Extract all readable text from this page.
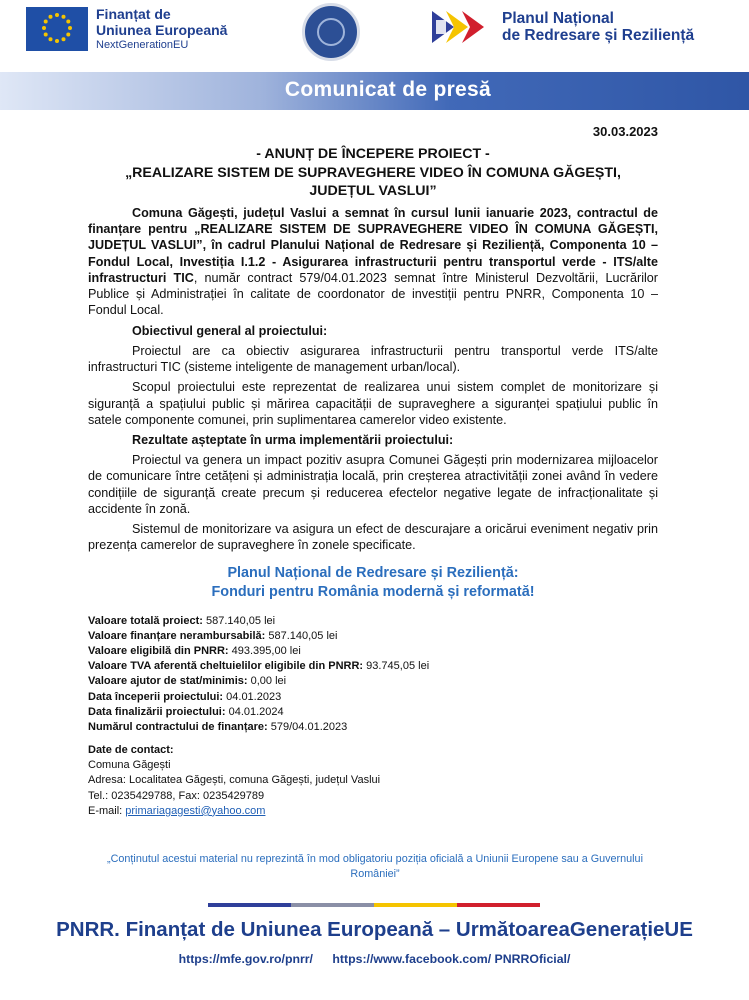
Finanțat de
Uniunea Europeană
NextGenerationEU
Planul Național
de Redresare și Reziliență
Comunicat de presă
30.03.2023
- ANUNȚ DE ÎNCEPERE PROIECT -
„REALIZARE SISTEM DE SUPRAVEGHERE VIDEO ÎN COMUNA GĂGEȘTI,
JUDEȚUL VASLUI”

Comuna Găgești, județul Vaslui a semnat în cursul lunii ianuarie 2023, contractul de finanțare pentru „REALIZARE SISTEM DE SUPRAVEGHERE VIDEO ÎN COMUNA GĂGEȘTI, JUDEȚUL VASLUI”, în cadrul Planului Național de Redresare și Reziliență, Componenta 10 – Fondul Local, Investiția I.1.2 - Asigurarea infrastructurii pentru transportul verde - ITS/alte infrastructuri TIC, număr contract 579/04.01.2023 semnat între Ministerul Dezvoltării, Lucrărilor Publice și Administrației în calitate de coordonator de investiții pentru PNRR, Componenta 10 – Fondul Local.

Obiectivul general al proiectului:

Proiectul are ca obiectiv asigurarea infrastructurii pentru transportul verde ITS/alte infrastructuri TIC (sisteme inteligente de management urban/local).

Scopul proiectului este reprezentat de realizarea unui sistem complet de monitorizare și siguranță a spațiului public și mărirea capacității de supraveghere a siguranței spațiului public în satele componente comunei, prin suplimentarea camerelor video existente.

Rezultate așteptate în urma implementării proiectului:

Proiectul va genera un impact pozitiv asupra Comunei Găgești prin modernizarea mijloacelor de comunicare între cetățeni și administrația locală, prin creșterea atractivității zonei având în vedere condițiile de siguranță create precum și reducerea efectelor negative legate de infracționalitate și accidente în zonă.

Sistemul de monitorizare va asigura un efect de descurajare a oricărui eveniment negativ prin prezența camerelor de supraveghere în zonele specificate.

Planul Național de Redresare și Reziliență:
Fonduri pentru România modernă și reformată!
Valoare totală proiect: 587.140,05 lei
Valoare finanțare nerambursabilă: 587.140,05 lei
Valoare eligibilă din PNRR: 493.395,00 lei
Valoare TVA aferentă cheltuielilor eligibile din PNRR: 93.745,05 lei
Valoare ajutor de stat/minimis: 0,00 lei
Data începerii proiectului: 04.01.2023
Data finalizării proiectului: 04.01.2024
Numărul contractului de finanțare: 579/04.01.2023
Date de contact:
Comuna Găgești
Adresa: Localitatea Găgești, comuna Găgești, județul Vaslui
Tel.: 0235429788, Fax: 0235429789
E-mail: primariagagesti@yahoo.com
„Conținutul acestui material nu reprezintă în mod obligatoriu poziția oficială a Uniunii Europene sau a Guvernului României”
PNRR. Finanțat de Uniunea Europeană – UrmătoareaGenerațieUE
https://mfe.gov.ro/pnrr/ https://www.facebook.com/ PNRROficial/
